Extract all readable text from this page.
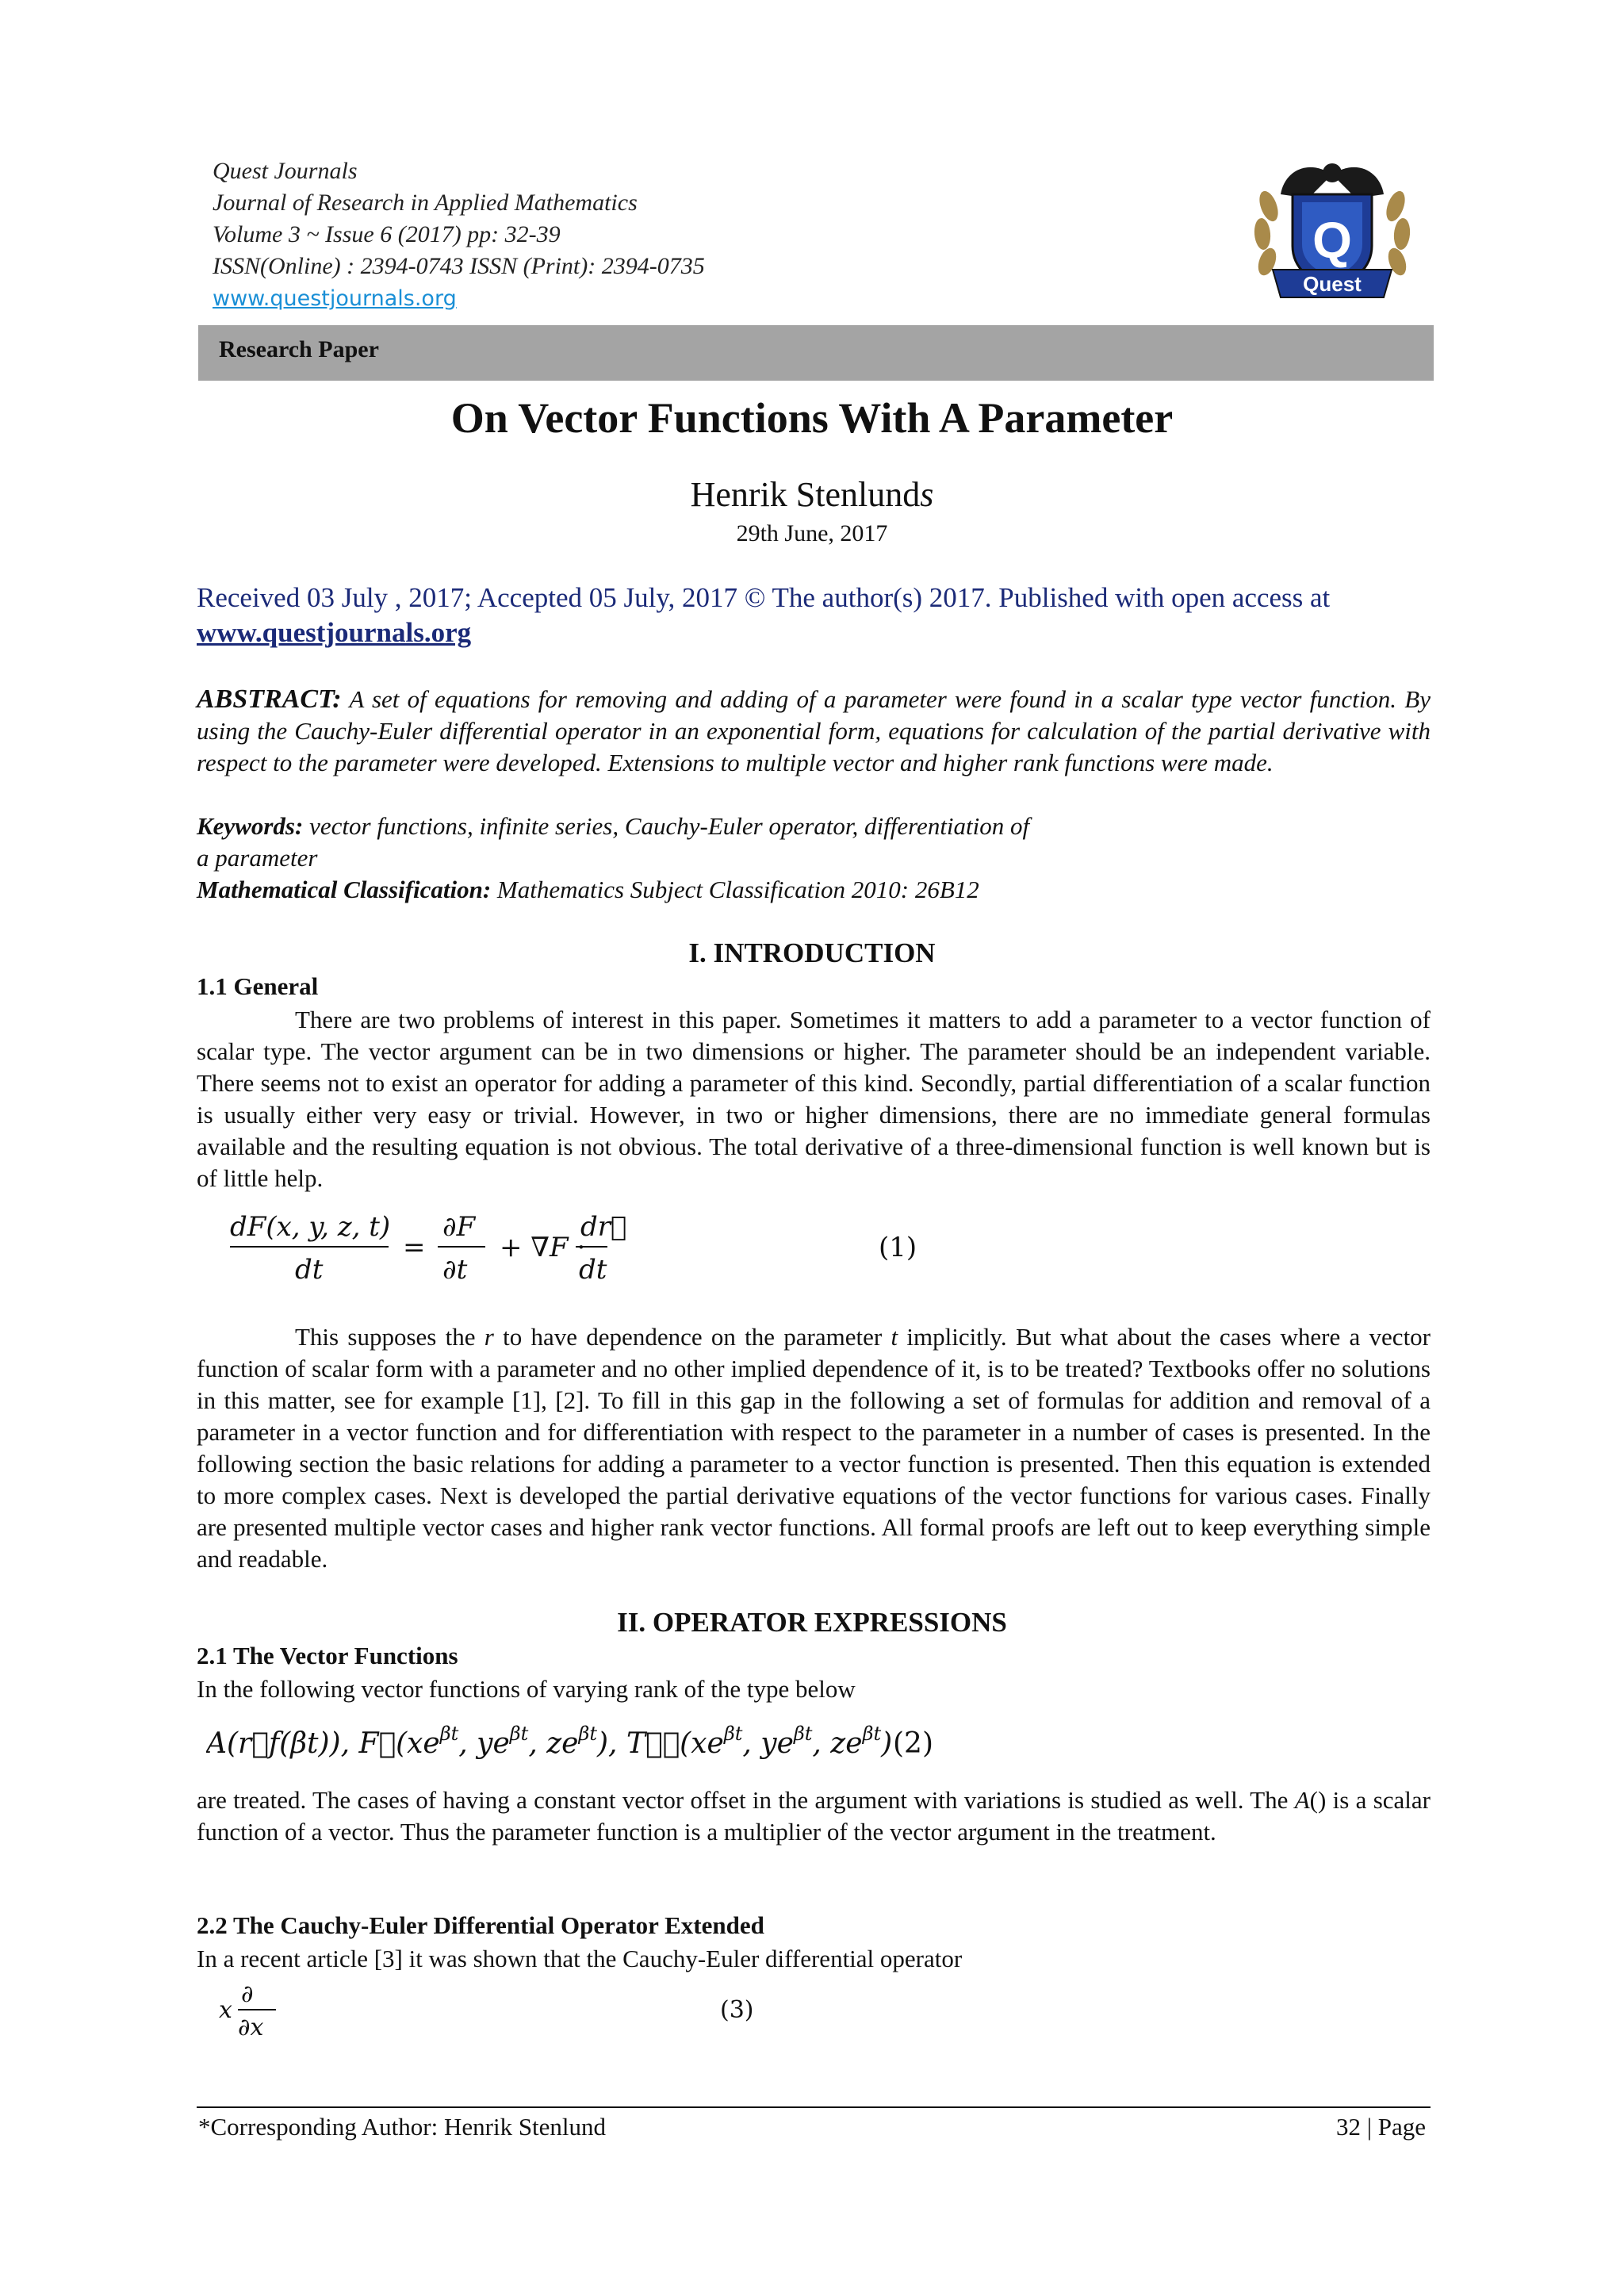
Quest Journals
Journal of Research in Applied Mathematics
Volume 3 ~ Issue 6 (2017) pp: 32-39
ISSN(Online) : 2394-0743 ISSN (Print): 2394-0735
www.questjournals.org
Q
Quest
Research Paper
On Vector Functions With A Parameter
Henrik Stenlunds
29th June, 2017
Received 03 July , 2017; Accepted 05 July, 2017 © The author(s) 2017. Published with open access at www.questjournals.org
ABSTRACT: A set of equations for removing and adding of a parameter were found in a scalar type vector function. By using the Cauchy-Euler differential operator in an exponential form, equations for calculation of the partial derivative with respect to the parameter were developed. Extensions to multiple vector and higher rank functions were made.
Keywords: vector functions, infinite series, Cauchy-Euler operator, differentiation of
a parameter
Mathematical Classification: Mathematics Subject Classification 2010: 26B12
I. INTRODUCTION
1.1 General
There are two problems of interest in this paper. Sometimes it matters to add a parameter to a vector function of scalar type. The vector argument can be in two dimensions or higher. The parameter should be an independent variable. There seems not to exist an operator for adding a parameter of this kind. Secondly, partial differentiation of a scalar function is usually either very easy or trivial. However, in two or higher dimensions, there are no immediate general formulas available and the resulting equation is not obvious. The total derivative of a three-dimensional function is well known but is of little help.
dF(x, y, z, t)
dt
=
∂F
∂t
+ ∇F ·
dr⃗
dt
(1)
This supposes the r to have dependence on the parameter t implicitly. But what about the cases where a vector function of scalar form with a parameter and no other implied dependence of it, is to be treated? Textbooks offer no solutions in this matter, see for example [1], [2]. To fill in this gap in the following a set of formulas for addition and removal of a parameter in a vector function and for differentiation with respect to the parameter in a number of cases is presented. In the following section the basic relations for adding a parameter to a vector function is presented. Then this equation is extended to more complex cases. Next is developed the partial derivative equations of the vector functions for various cases. Finally are presented multiple vector cases and higher rank vector functions. All formal proofs are left out to keep everything simple and readable.
II. OPERATOR EXPRESSIONS
2.1 The Vector Functions
In the following vector functions of varying rank of the type below
A(r⃗f(βt)), $F⃗(xe^{\beta t}$, $ye^{\beta t}$, $ze^{\beta t}$), $T⃗⃗(xe^{\beta t}$, $ye^{\beta t}$, $ze^{\beta t}$) (2)
are treated. The cases of having a constant vector offset in the argument with variations is studied as well. The A() is a scalar function of a vector. Thus the parameter function is a multiplier of the vector argument in the treatment.
2.2 The Cauchy-Euler Differential Operator Extended
In a recent article [3] it was shown that the Cauchy-Euler differential operator
x
∂
∂x
(3)
*Corresponding Author: Henrik Stenlund	32 | Page
